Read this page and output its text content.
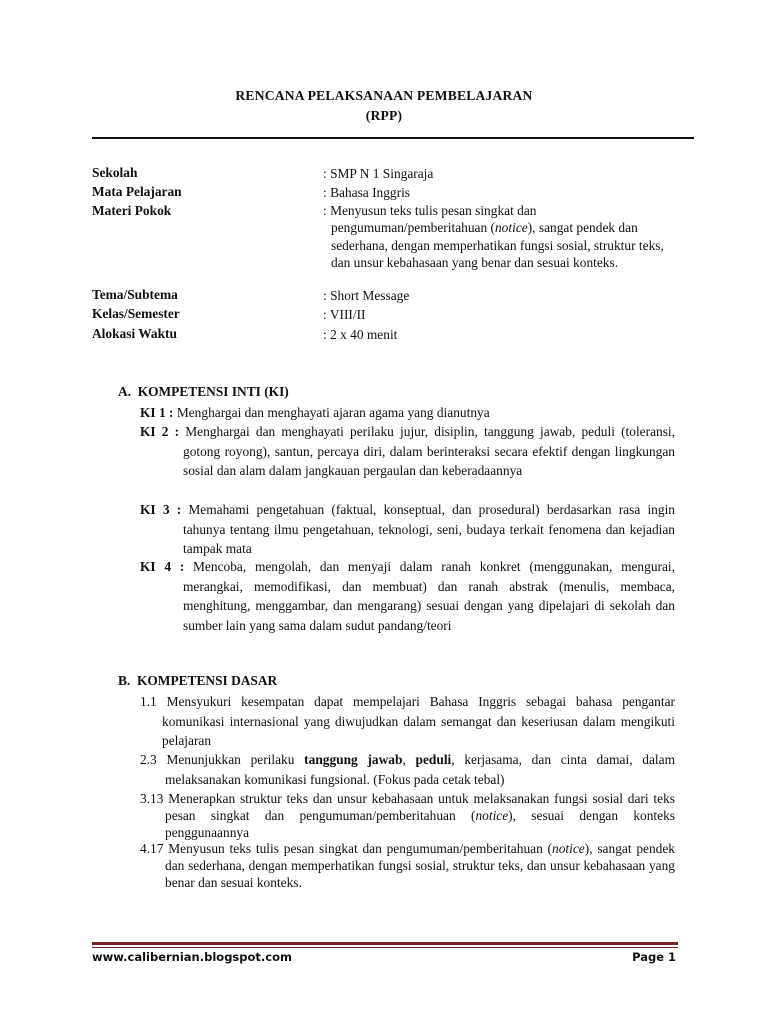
RENCANA PELAKSANAAN PEMBELAJARAN
(RPP)
Sekolah	: SMP N 1 Singaraja
Mata Pelajaran	: Bahasa Inggris
Materi Pokok	: Menyusun teks tulis pesan singkat dan pengumuman/pemberitahuan (notice), sangat pendek dan sederhana, dengan memperhatikan fungsi sosial, struktur teks, dan unsur kebahasaan yang benar dan sesuai konteks.
Tema/Subtema	: Short Message
Kelas/Semester	: VIII/II
Alokasi Waktu	: 2 x 40 menit
A.  KOMPETENSI INTI (KI)
KI 1 : Menghargai dan menghayati ajaran agama yang dianutnya
KI 2 : Menghargai dan menghayati perilaku jujur, disiplin, tanggung jawab, peduli (toleransi, gotong royong), santun, percaya diri, dalam berinteraksi secara efektif dengan lingkungan sosial dan alam dalam jangkauan pergaulan dan keberadaannya
KI 3 : Memahami pengetahuan (faktual, konseptual, dan prosedural) berdasarkan rasa ingin tahunya tentang ilmu pengetahuan, teknologi, seni, budaya terkait fenomena dan kejadian tampak mata
KI 4 : Mencoba, mengolah, dan menyaji dalam ranah konkret (menggunakan, mengurai, merangkai, memodifikasi, dan membuat) dan ranah abstrak (menulis, membaca, menghitung, menggambar, dan mengarang) sesuai dengan yang dipelajari di sekolah dan sumber lain yang sama dalam sudut pandang/teori
B.  KOMPETENSI DASAR
1.1 Mensyukuri kesempatan dapat mempelajari Bahasa Inggris sebagai bahasa pengantar komunikasi internasional yang diwujudkan dalam semangat dan keseriusan dalam mengikuti pelajaran
2.3 Menunjukkan perilaku tanggung jawab, peduli, kerjasama, dan cinta damai, dalam melaksanakan komunikasi fungsional. (Fokus pada cetak tebal)
3.13 Menerapkan struktur teks dan unsur kebahasaan untuk melaksanakan fungsi sosial dari teks pesan singkat dan pengumuman/pemberitahuan (notice), sesuai dengan konteks penggunaannya
4.17 Menyusun teks tulis pesan singkat dan pengumuman/pemberitahuan (notice), sangat pendek dan sederhana, dengan memperhatikan fungsi sosial, struktur teks, dan unsur kebahasaan yang benar dan sesuai konteks.
www.calibernian.blogspot.com	Page 1
